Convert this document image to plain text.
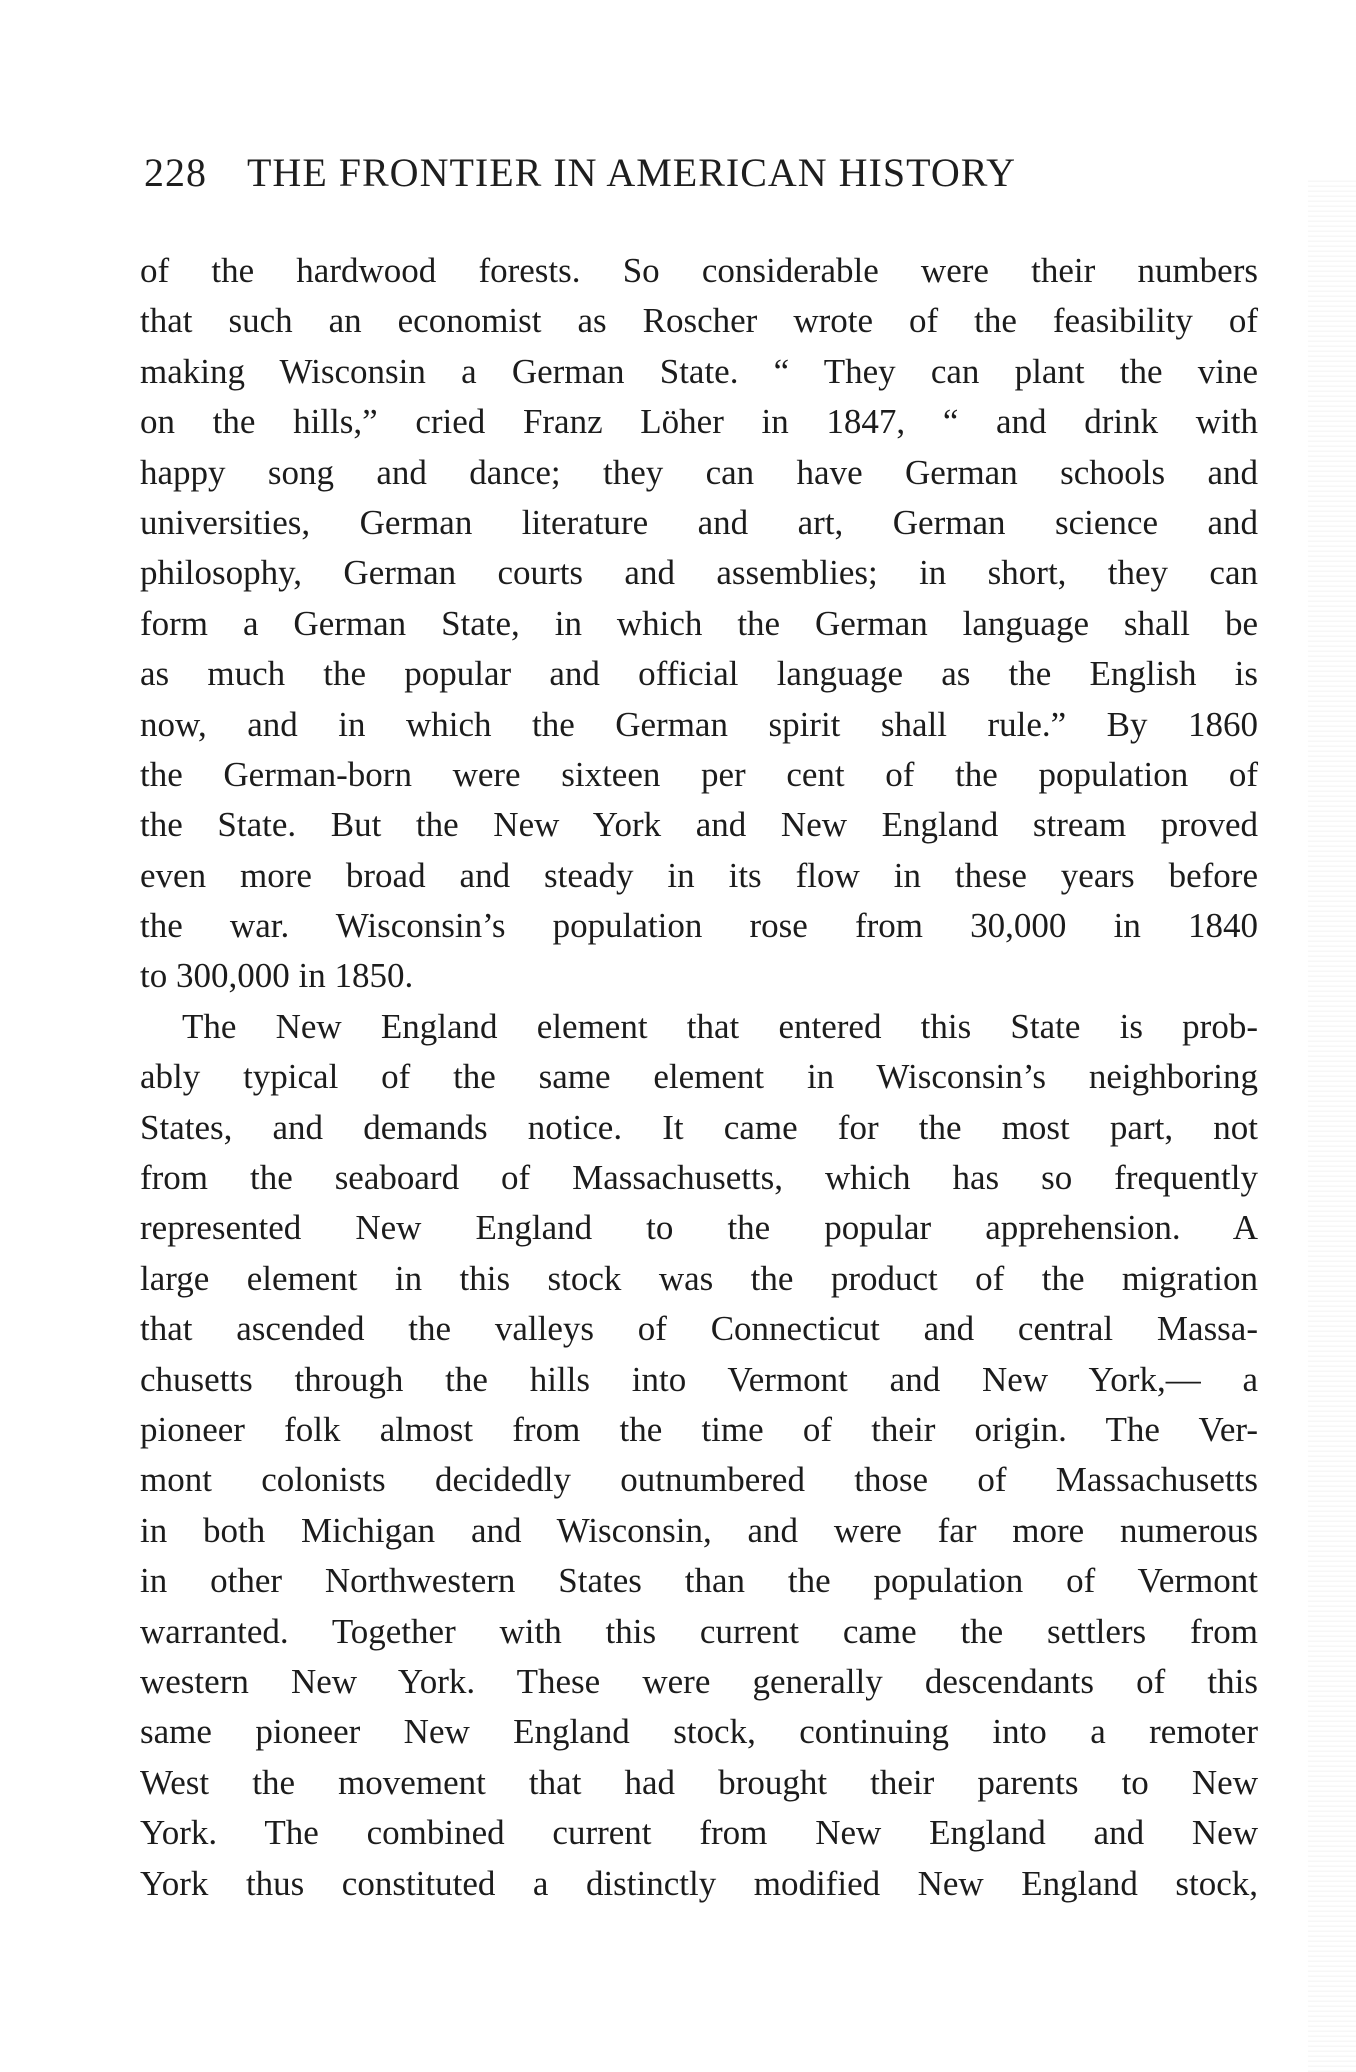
228 THE FRONTIER IN AMERICAN HISTORY
of the hardwood forests. So considerable were their numbers
that such an economist as Roscher wrote of the feasibility of
making Wisconsin a German State. “ They can plant the vine
on the hills,” cried Franz Löher in 1847, “ and drink with
happy song and dance; they can have German schools and
universities, German literature and art, German science and
philosophy, German courts and assemblies; in short, they can
form a German State, in which the German language shall be
as much the popular and official language as the English is
now, and in which the German spirit shall rule.” By 1860
the German-born were sixteen per cent of the population of
the State. But the New York and New England stream proved
even more broad and steady in its flow in these years before
the war. Wisconsin’s population rose from 30,000 in 1840
to 300,000 in 1850.
The New England element that entered this State is prob-
ably typical of the same element in Wisconsin’s neighboring
States, and demands notice. It came for the most part, not
from the seaboard of Massachusetts, which has so frequently
represented New England to the popular apprehension. A
large element in this stock was the product of the migration
that ascended the valleys of Connecticut and central Massa-
chusetts through the hills into Vermont and New York,— a
pioneer folk almost from the time of their origin. The Ver-
mont colonists decidedly outnumbered those of Massachusetts
in both Michigan and Wisconsin, and were far more numerous
in other Northwestern States than the population of Vermont
warranted. Together with this current came the settlers from
western New York. These were generally descendants of this
same pioneer New England stock, continuing into a remoter
West the movement that had brought their parents to New
York. The combined current from New England and New
York thus constituted a distinctly modified New England stock,
